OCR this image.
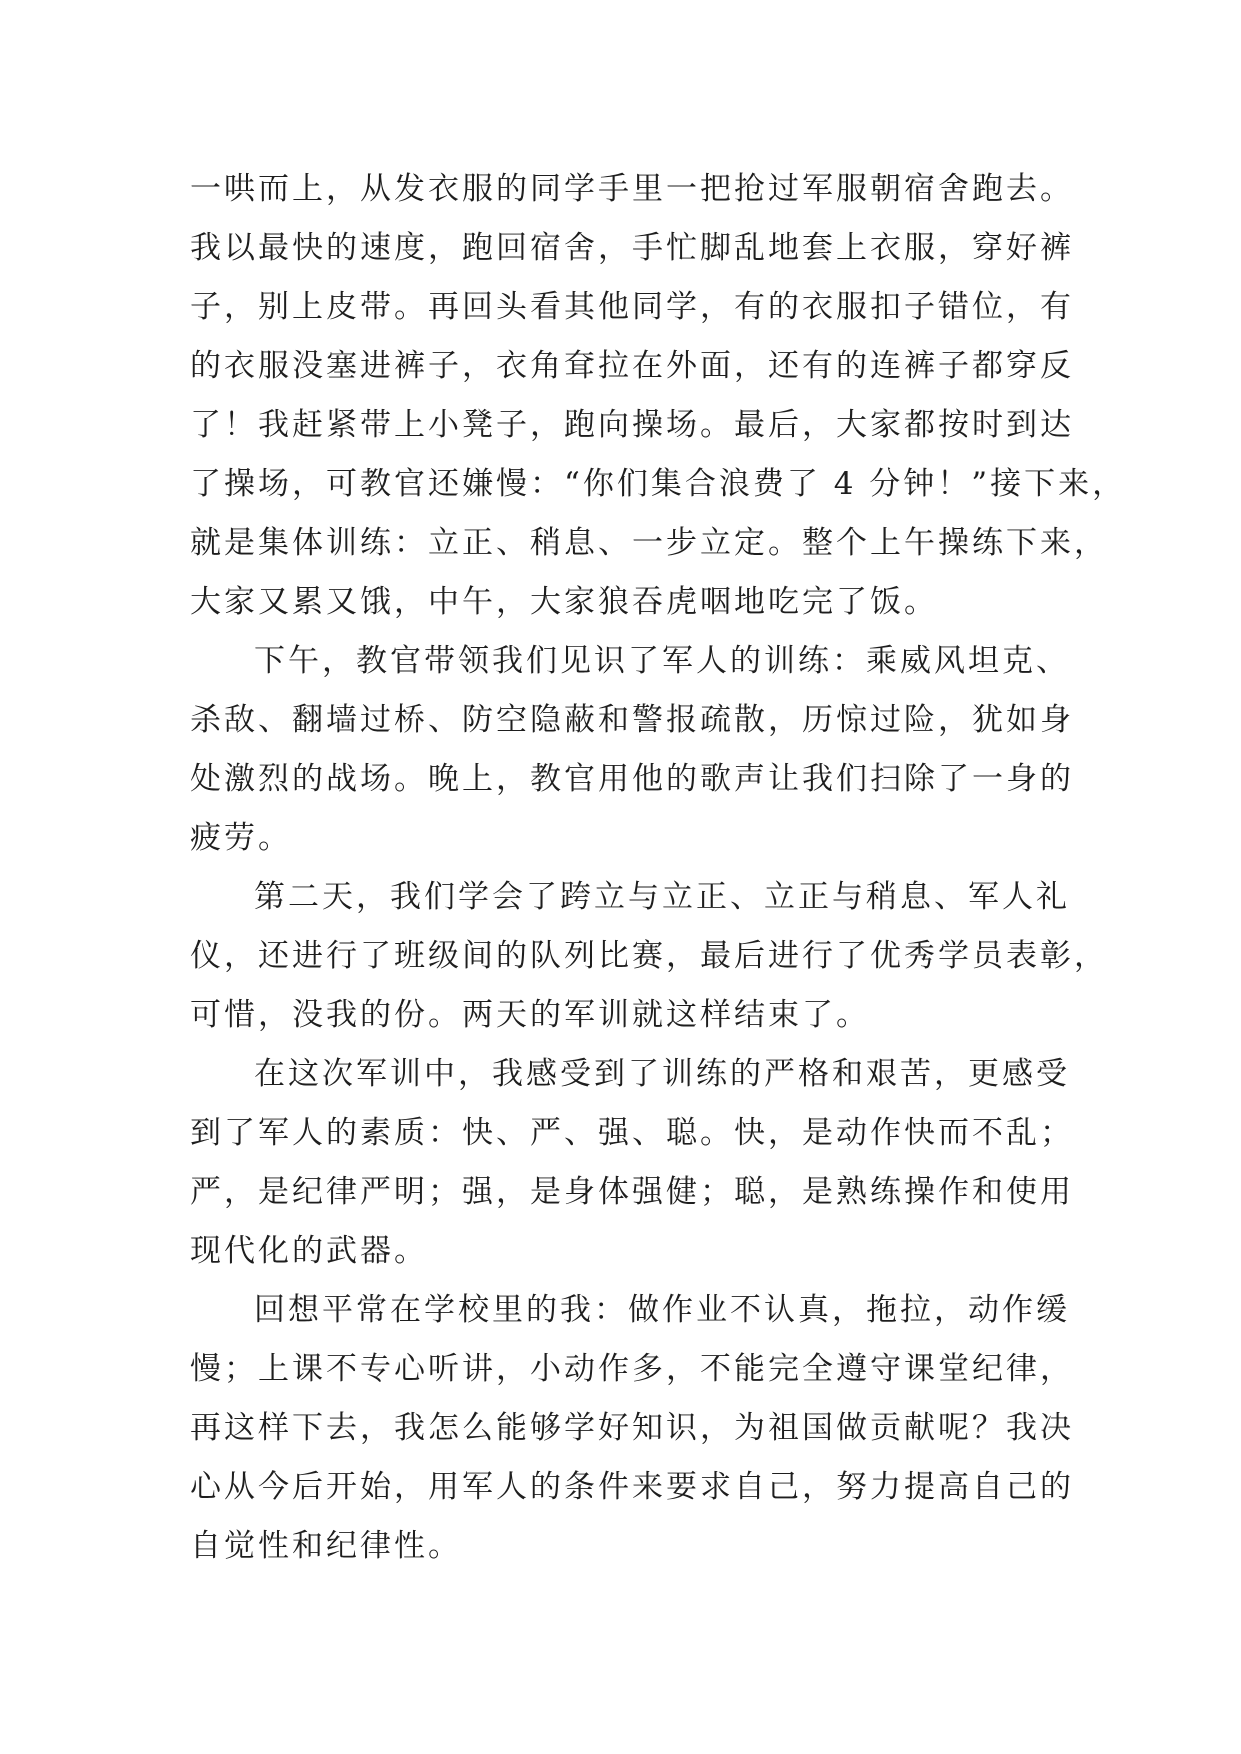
一哄而上，从发衣服的同学手里一把抢过军服朝宿舍跑去。
我以最快的速度，跑回宿舍，手忙脚乱地套上衣服，穿好裤
子，别上皮带。再回头看其他同学，有的衣服扣子错位，有
的衣服没塞进裤子，衣角耷拉在外面，还有的连裤子都穿反
了！我赶紧带上小凳子，跑向操场。最后，大家都按时到达
了操场，可教官还嫌慢：“你们集合浪费了 4 分钟！”接下来，
就是集体训练：立正、稍息、一步立定。整个上午操练下来，
大家又累又饿，中午，大家狼吞虎咽地吃完了饭。
下午，教官带领我们见识了军人的训练：乘威风坦克、
杀敌、翻墙过桥、防空隐蔽和警报疏散，历惊过险，犹如身
处激烈的战场。晚上，教官用他的歌声让我们扫除了一身的
疲劳。
第二天，我们学会了跨立与立正、立正与稍息、军人礼
仪，还进行了班级间的队列比赛，最后进行了优秀学员表彰，
可惜，没我的份。两天的军训就这样结束了。
在这次军训中，我感受到了训练的严格和艰苦，更感受
到了军人的素质：快、严、强、聪。快，是动作快而不乱；
严，是纪律严明；强，是身体强健；聪，是熟练操作和使用
现代化的武器。
回想平常在学校里的我：做作业不认真，拖拉，动作缓
慢；上课不专心听讲，小动作多，不能完全遵守课堂纪律，
再这样下去，我怎么能够学好知识，为祖国做贡献呢？我决
心从今后开始，用军人的条件来要求自己，努力提高自己的
自觉性和纪律性。
